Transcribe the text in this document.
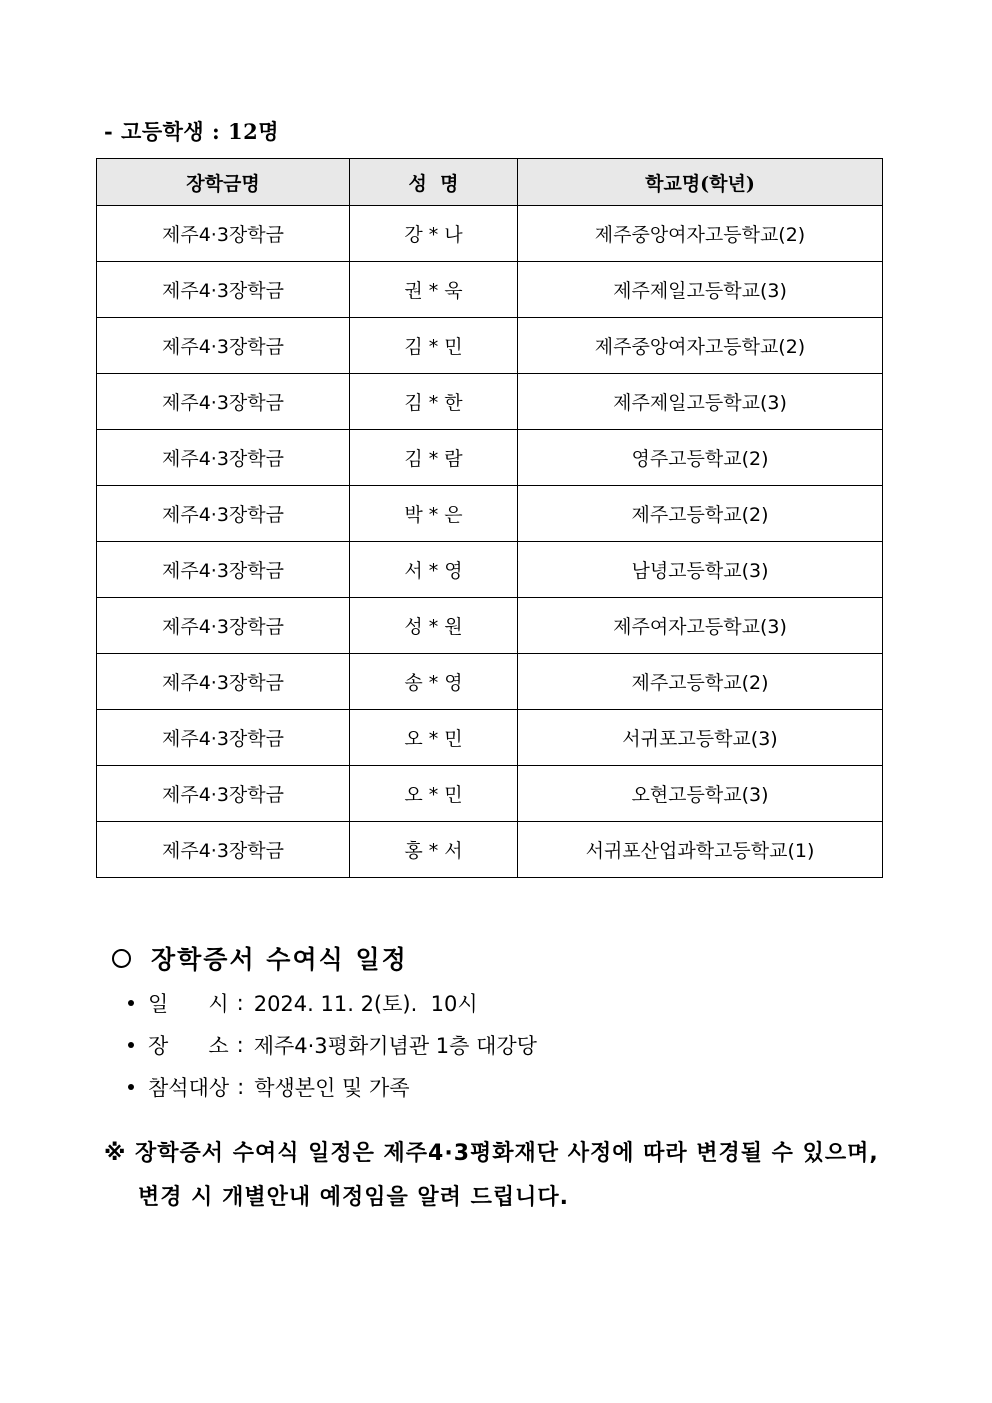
- 고등학생 : 12명
장학금명	성  명	학교명(학년)
제주4·3장학금	강 * 나	제주중앙여자고등학교(2)
제주4·3장학금	권 * 욱	제주제일고등학교(3)
제주4·3장학금	김 * 민	제주중앙여자고등학교(2)
제주4·3장학금	김 * 한	제주제일고등학교(3)
제주4·3장학금	김 * 람	영주고등학교(2)
제주4·3장학금	박 * 은	제주고등학교(2)
제주4·3장학금	서 * 영	남녕고등학교(3)
제주4·3장학금	성 * 원	제주여자고등학교(3)
제주4·3장학금	송 * 영	제주고등학교(2)
제주4·3장학금	오 * 민	서귀포고등학교(3)
제주4·3장학금	오 * 민	오현고등학교(3)
제주4·3장학금	홍 * 서	서귀포산업과학고등학교(1)
장학증서 수여식 일정
일      시 : 2024. 11. 2(토).  10시
장      소 : 제주4·3평화기념관 1층 대강당
참석대상 : 학생본인 및 가족
※ 장학증서 수여식 일정은 제주4·3평화재단 사정에 따라 변경될 수 있으며,
변경 시 개별안내 예정임을 알려 드립니다.
